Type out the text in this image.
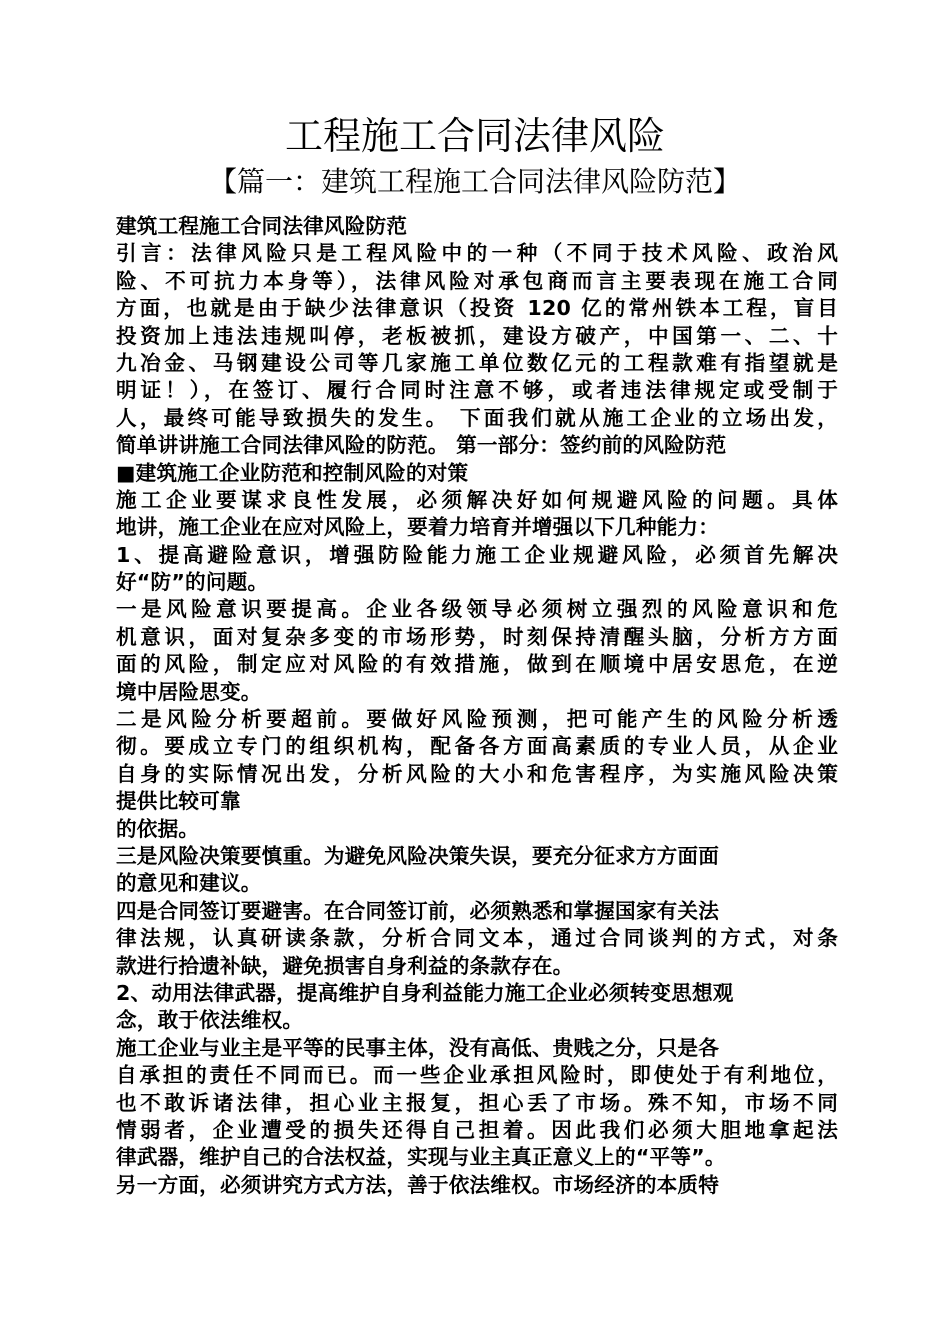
工程施工合同法律风险
【篇一：建筑工程施工合同法律风险防范】
建筑工程施工合同法律风险防范
引言：法律风险只是工程风险中的一种（不同于技术风险、政治风
险、不可抗力本身等），法律风险对承包商而言主要表现在施工合同
方面，也就是由于缺少法律意识（投资 120 亿的常州铁本工程，盲目
投资加上违法违规叫停，老板被抓，建设方破产，中国第一、二、十
九冶金、马钢建设公司等几家施工单位数亿元的工程款难有指望就是
明证！），在签订、履行合同时注意不够，或者违法律规定或受制于
人，最终可能导致损失的发生。 下面我们就从施工企业的立场出发，
简单讲讲施工合同法律风险的防范。 第一部分：签约前的风险防范
■建筑施工企业防范和控制风险的对策
施工企业要谋求良性发展，必须解决好如何规避风险的问题。具体
地讲，施工企业在应对风险上，要着力培育并增强以下几种能力：
1、提高避险意识，增强防险能力施工企业规避风险，必须首先解决
好“防”的问题。
一是风险意识要提高。企业各级领导必须树立强烈的风险意识和危
机意识，面对复杂多变的市场形势，时刻保持清醒头脑，分析方方面
面的风险，制定应对风险的有效措施，做到在顺境中居安思危，在逆
境中居险思变。
二是风险分析要超前。要做好风险预测，把可能产生的风险分析透
彻。要成立专门的组织机构，配备各方面高素质的专业人员，从企业
自身的实际情况出发，分析风险的大小和危害程序，为实施风险决策
提供比较可靠
的依据。
三是风险决策要慎重。为避免风险决策失误，要充分征求方方面面
的意见和建议。
四是合同签订要避害。在合同签订前，必须熟悉和掌握国家有关法
律法规，认真研读条款，分析合同文本，通过合同谈判的方式，对条
款进行拾遗补缺，避免损害自身利益的条款存在。
2、动用法律武器，提高维护自身利益能力施工企业必须转变思想观
念，敢于依法维权。
施工企业与业主是平等的民事主体，没有高低、贵贱之分，只是各
自承担的责任不同而已。而一些企业承担风险时，即使处于有利地位，
也不敢诉诸法律，担心业主报复，担心丢了市场。殊不知，市场不同
情弱者，企业遭受的损失还得自己担着。因此我们必须大胆地拿起法
律武器，维护自己的合法权益，实现与业主真正意义上的“平等”。
另一方面，必须讲究方式方法，善于依法维权。市场经济的本质特
